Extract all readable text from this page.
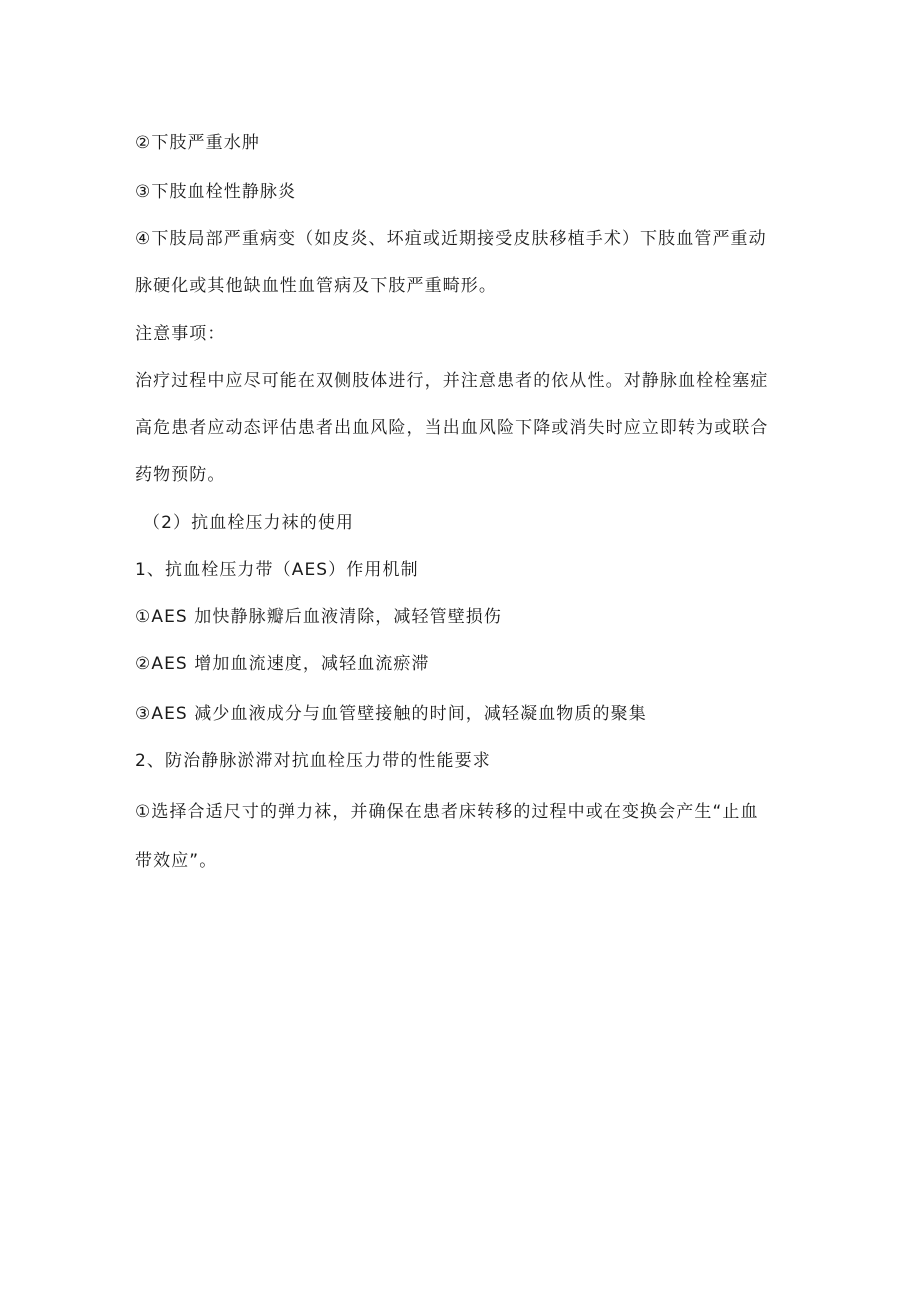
②下肢严重水肿
③下肢血栓性静脉炎
④下肢局部严重病变（如皮炎、坏疽或近期接受皮肤移植手术）下肢血管严重动
脉硬化或其他缺血性血管病及下肢严重畸形。
注意事项：
治疗过程中应尽可能在双侧肢体进行，并注意患者的依从性。对静脉血栓栓塞症
高危患者应动态评估患者出血风险，当出血风险下降或消失时应立即转为或联合
药物预防。
（2）抗血栓压力袜的使用
1、抗血栓压力带（AES）作用机制
①AES 加快静脉瓣后血液清除，减轻管壁损伤
②AES 增加血流速度，减轻血流瘀滞
③AES 减少血液成分与血管壁接触的时间，减轻凝血物质的聚集
2、防治静脉淤滞对抗血栓压力带的性能要求
①选择合适尺寸的弹力袜，并确保在患者床转移的过程中或在变换会产生“止血
带效应”。
